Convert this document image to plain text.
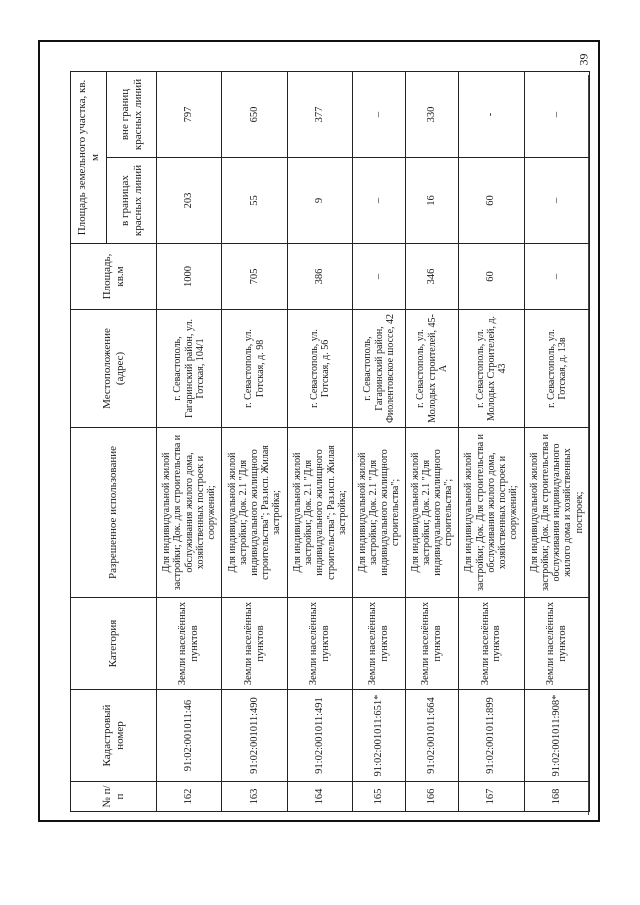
39
№ п/п	Кадастровый номер	Категория	Разрешенное использование	Местоположение (адрес)	Площадь, кв.м	Площадь земельного участка, кв. м	
						в границах красных линий	вне границ красных линий
162	91:02:001011:46	Земли населённых пунктов	Для индивидуальной жилой застройки; Док. для строительства и обслуживания жилого дома, хозяйственных построек и сооружений;	г. Севастополь, Гагаринский район, ул. Готская, 104/1	1000	203	797
163	91:02:001011:490	Земли населённых пунктов	Для индивидуальной жилой застройки; Док. 2.1 "Для индивидуального жилищного строительства"; Раз.исп. Жилая застройка;	г. Севастополь, ул. Готская, д. 98	705	55	650
164	91:02:001011:491	Земли населённых пунктов	Для индивидуальной жилой застройки; Док. 2.1 "Для индивидуального жилищного строительства"; Раз.исп. Жилая застройка;	г. Севастополь, ул. Готская, д. 56	386	9	377
165	91:02:001011:651*	Земли населённых пунктов	Для индивидуальной жилой застройки; Док. 2.1 "Для индивидуального жилищного строительства";	г. Севастополь, Гагаринский район, Фиолентовское шоссе, 42	–	–	–
166	91:02:001011:664	Земли населённых пунктов	Для индивидуальной жилой застройки; Док. 2.1 "Для индивидуального жилищного строительства";	г. Севастополь, ул. Молодых строителей, 45-А	346	16	330
167	91:02:001011:899	Земли населённых пунктов	Для индивидуальной жилой застройки; Док. Для строительства и обслуживания жилого дома, хозяйственных построек и сооружений;	г. Севастополь, ул. Молодых Строителей, д. 43	60	60	-
168	91:02:001011:908*	Земли населённых пунктов	Для индивидуальной жилой застройки; Док. Для строительства и обслуживания индивидуального жилого дома и хозяйственных построек;	г. Севастополь, ул. Готская, д. 13в	–	–	–
